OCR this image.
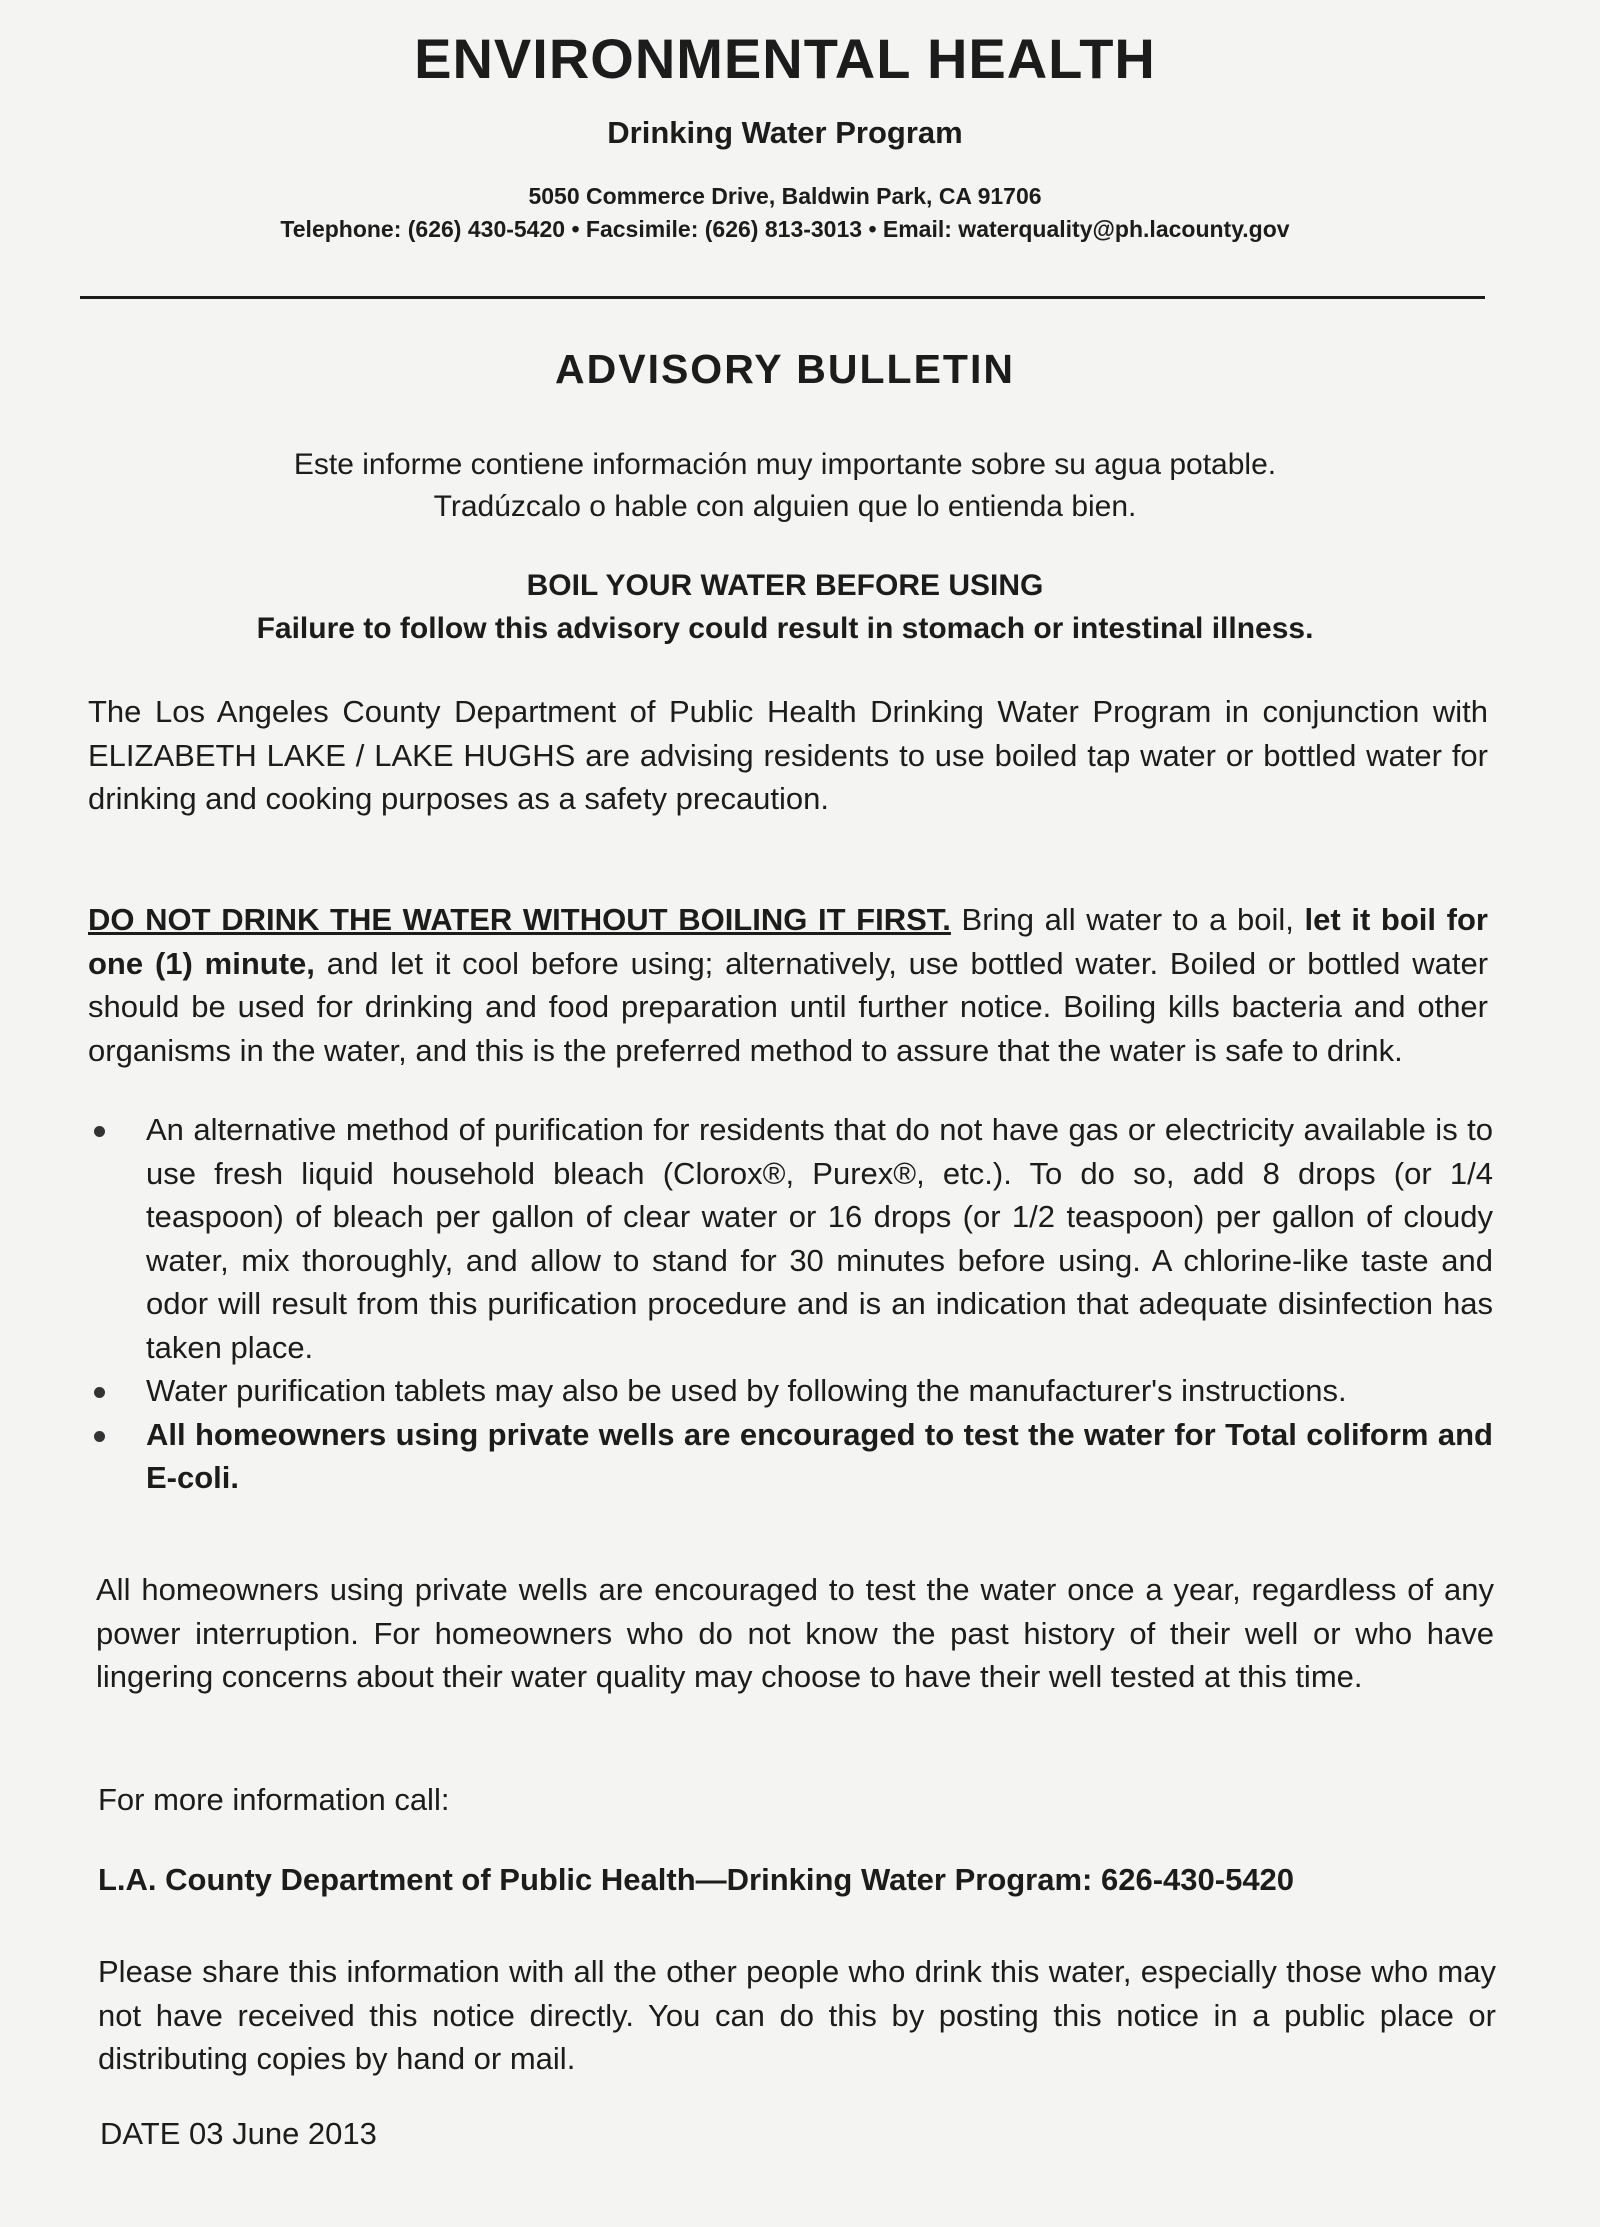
ENVIRONMENTAL HEALTH
Drinking Water Program
5050 Commerce Drive, Baldwin Park, CA 91706
Telephone: (626) 430-5420 • Facsimile: (626) 813-3013 • Email: waterquality@ph.lacounty.gov
ADVISORY BULLETIN
Este informe contiene información muy importante sobre su agua potable.
Tradúzcalo o hable con alguien que lo entienda bien.
BOIL YOUR WATER BEFORE USING
Failure to follow this advisory could result in stomach or intestinal illness.
The Los Angeles County Department of Public Health Drinking Water Program in conjunction with ELIZABETH LAKE / LAKE HUGHS are advising residents to use boiled tap water or bottled water for drinking and cooking purposes as a safety precaution.
DO NOT DRINK THE WATER WITHOUT BOILING IT FIRST. Bring all water to a boil, let it boil for one (1) minute, and let it cool before using; alternatively, use bottled water. Boiled or bottled water should be used for drinking and food preparation until further notice. Boiling kills bacteria and other organisms in the water, and this is the preferred method to assure that the water is safe to drink.
An alternative method of purification for residents that do not have gas or electricity available is to use fresh liquid household bleach (Clorox®, Purex®, etc.). To do so, add 8 drops (or 1/4 teaspoon) of bleach per gallon of clear water or 16 drops (or 1/2 teaspoon) per gallon of cloudy water, mix thoroughly, and allow to stand for 30 minutes before using. A chlorine-like taste and odor will result from this purification procedure and is an indication that adequate disinfection has taken place.
Water purification tablets may also be used by following the manufacturer's instructions.
All homeowners using private wells are encouraged to test the water for Total coliform and E-coli.
All homeowners using private wells are encouraged to test the water once a year, regardless of any power interruption. For homeowners who do not know the past history of their well or who have lingering concerns about their water quality may choose to have their well tested at this time.
For more information call:
L.A. County Department of Public Health—Drinking Water Program: 626-430-5420
Please share this information with all the other people who drink this water, especially those who may not have received this notice directly. You can do this by posting this notice in a public place or distributing copies by hand or mail.
DATE 03 June 2013
